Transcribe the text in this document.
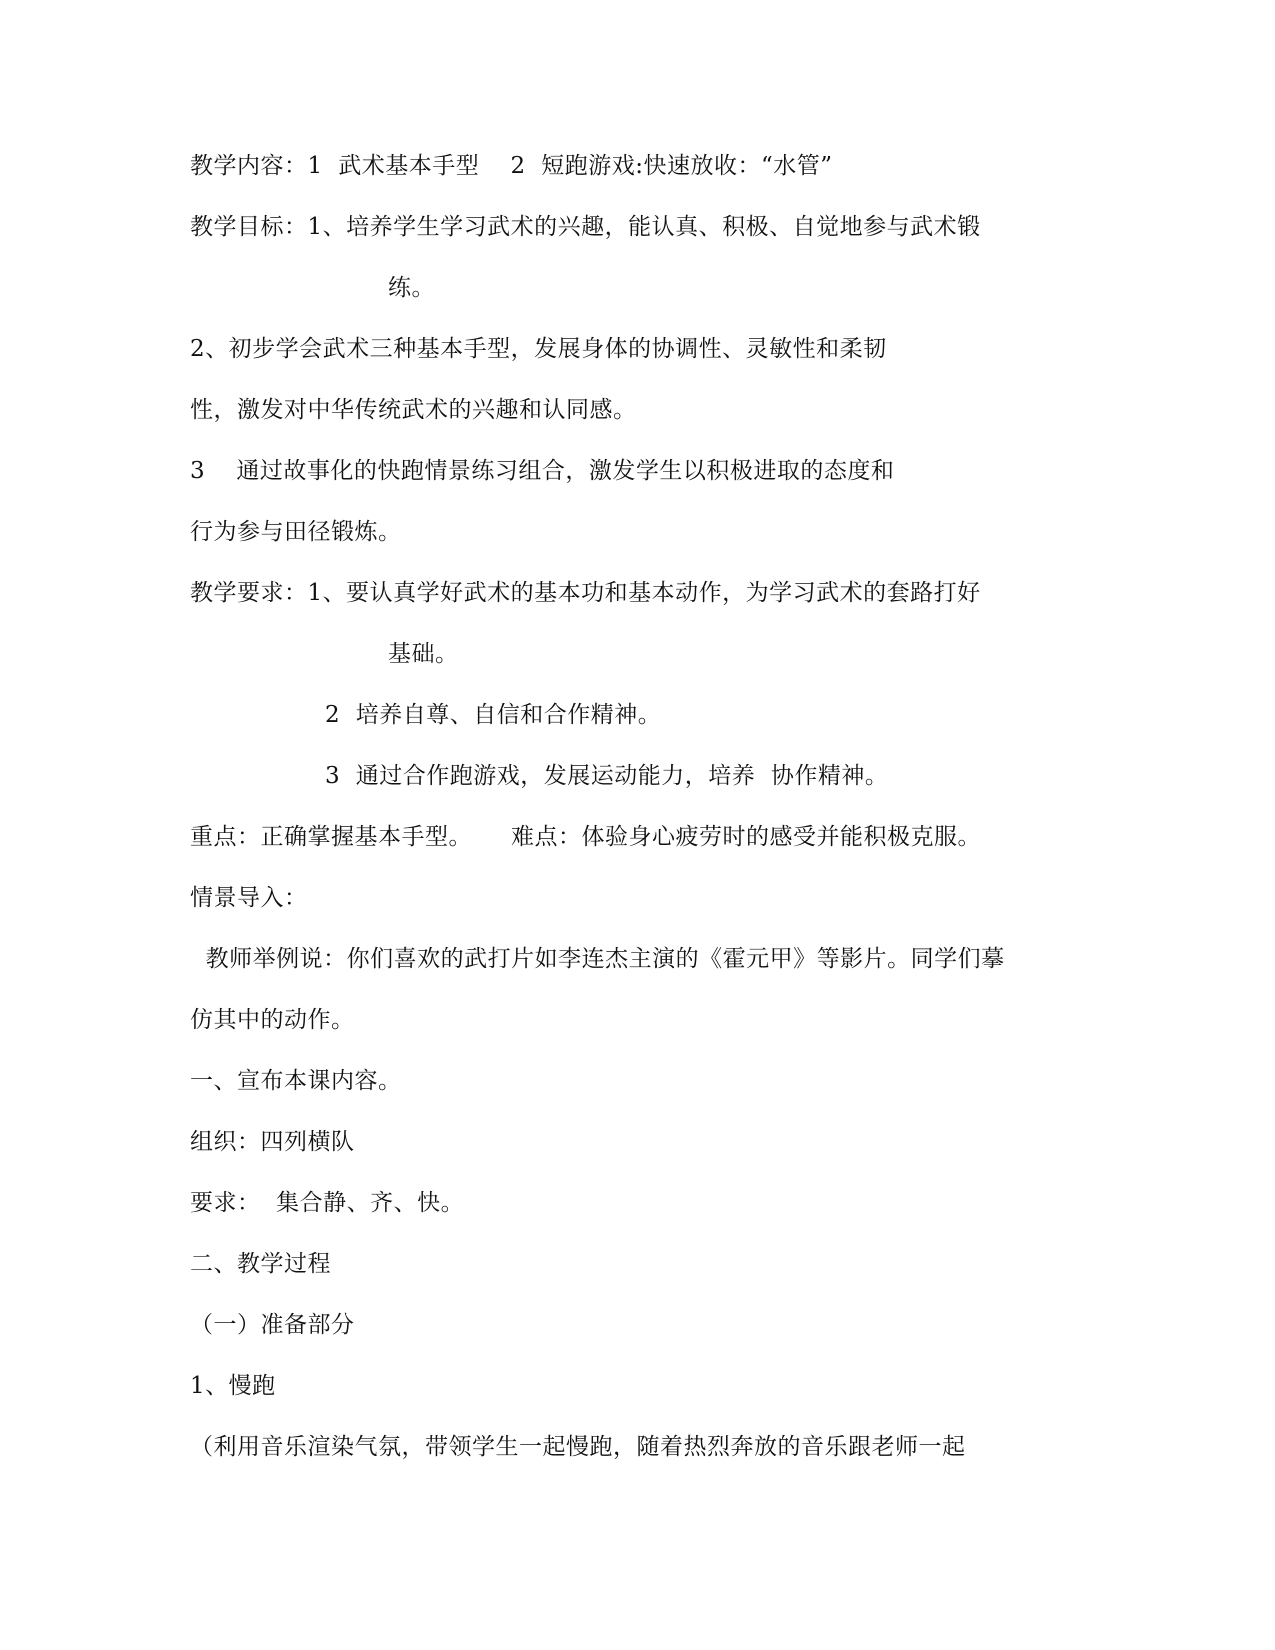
教学内容：1  武术基本手型    2  短跑游戏:快速放收：“水管”
教学目标：1、培养学生学习武术的兴趣，能认真、积极、自觉地参与武术锻
练。
2、初步学会武术三种基本手型，发展身体的协调性、灵敏性和柔韧
性，激发对中华传统武术的兴趣和认同感。
3    通过故事化的快跑情景练习组合，激发学生以积极进取的态度和
行为参与田径锻炼。
教学要求：1、要认真学好武术的基本功和基本动作，为学习武术的套路打好
基础。
2  培养自尊、自信和合作精神。
3  通过合作跑游戏，发展运动能力，培养  协作精神。
重点：正确掌握基本手型。     难点：体验身心疲劳时的感受并能积极克服。
情景导入：
教师举例说：你们喜欢的武打片如李连杰主演的《霍元甲》等影片。同学们摹
仿其中的动作。
一、宣布本课内容。
组织：四列横队
要求：  集合静、齐、快。
二、教学过程
（一）准备部分
1、慢跑
（利用音乐渲染气氛，带领学生一起慢跑，随着热烈奔放的音乐跟老师一起
